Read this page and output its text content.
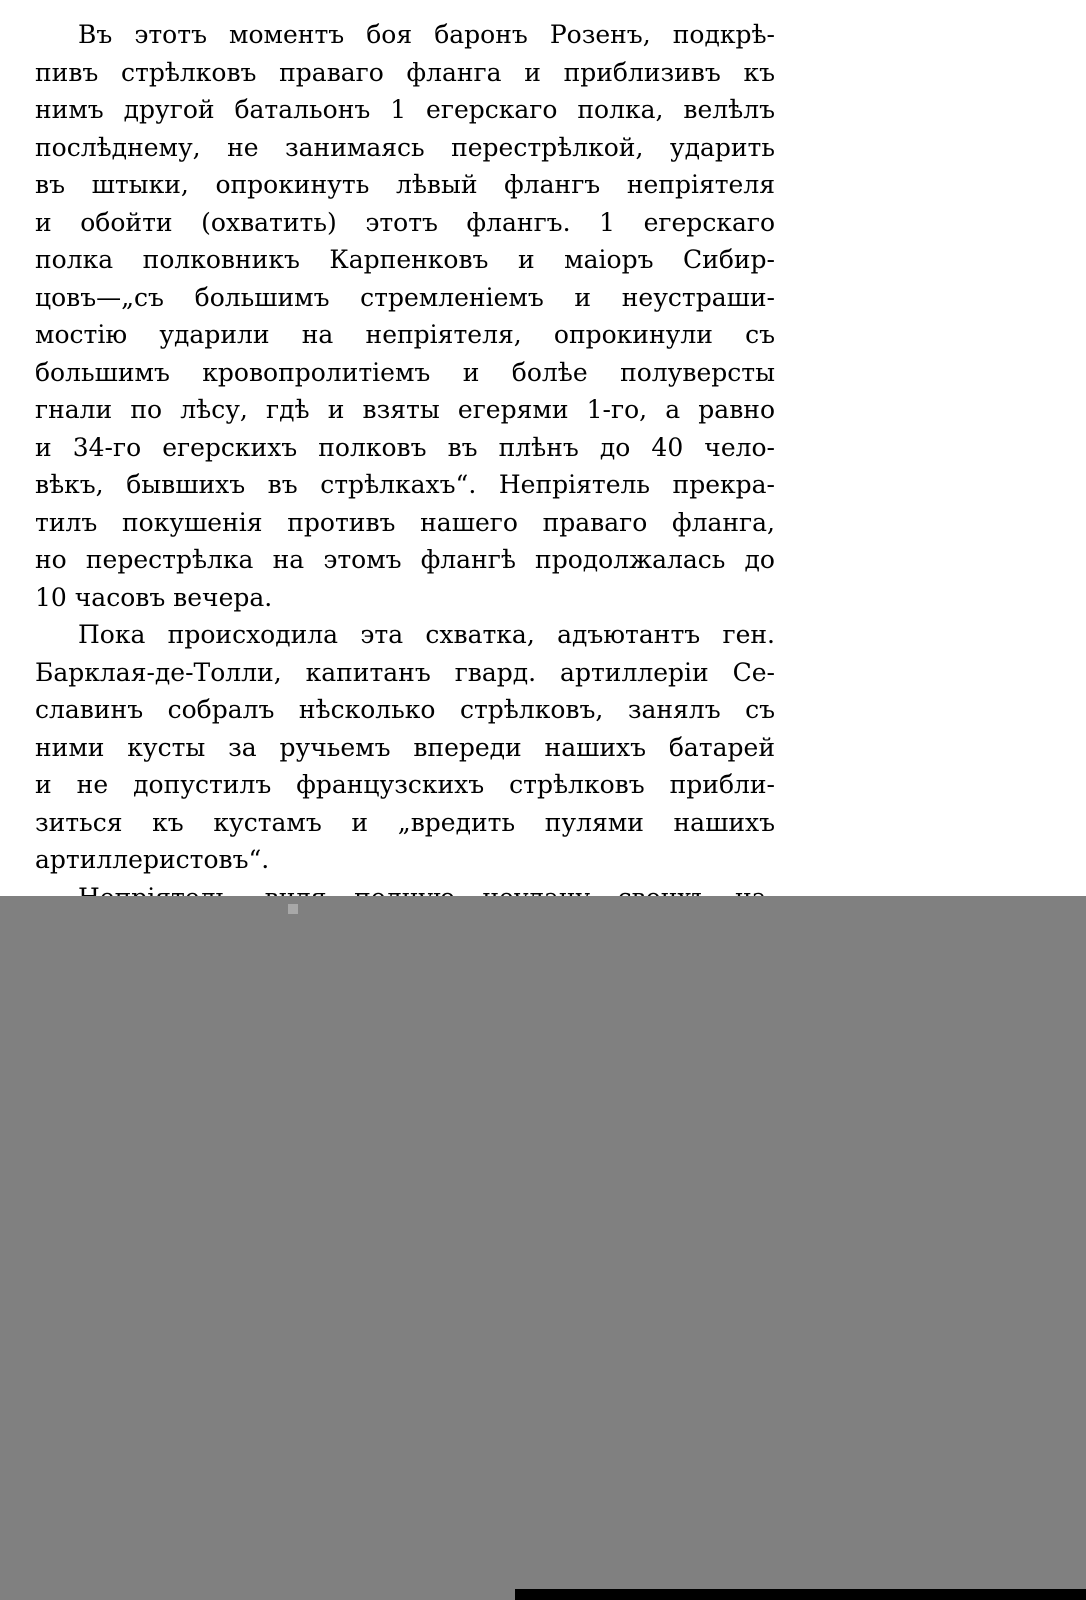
Въ этотъ моментъ боя баронъ Розенъ, подкрѣ-
пивъ стрѣлковъ праваго фланга и приблизивъ къ
нимъ другой батальонъ 1 егерскаго полка, велѣлъ
послѣднему, не занимаясь перестрѣлкой, ударить
въ штыки, опрокинуть лѣвый флангъ непріятеля
и обойти (охватить) этотъ флангъ. 1 егерскаго
полка полковникъ Карпенковъ и маіоръ Сибир-
цовъ—„съ большимъ стремленіемъ и неустраши-
мостію ударили на непріятеля, опрокинули съ
большимъ кровопролитіемъ и болѣе полуверсты
гнали по лѣсу, гдѣ и взяты егерями 1-го, а равно
и 34-го егерскихъ полковъ въ плѣнъ до 40 чело-
вѣкъ, бывшихъ въ стрѣлкахъ“. Непріятель прекра-
тилъ покушенія противъ нашего праваго фланга,
но перестрѣлка на этомъ флангѣ продолжалась до
10 часовъ вечера.
Пока происходила эта схватка, адъютантъ ген.
Барклая-де-Толли, капитанъ гвард. артиллеріи Се-
славинъ собралъ нѣсколько стрѣлковъ, занялъ съ
ними кусты за ручьемъ впереди нашихъ батарей
и не допустилъ французскихъ стрѣлковъ прибли-
зиться къ кустамъ и „вредить пулями нашихъ
артиллеристовъ“.
